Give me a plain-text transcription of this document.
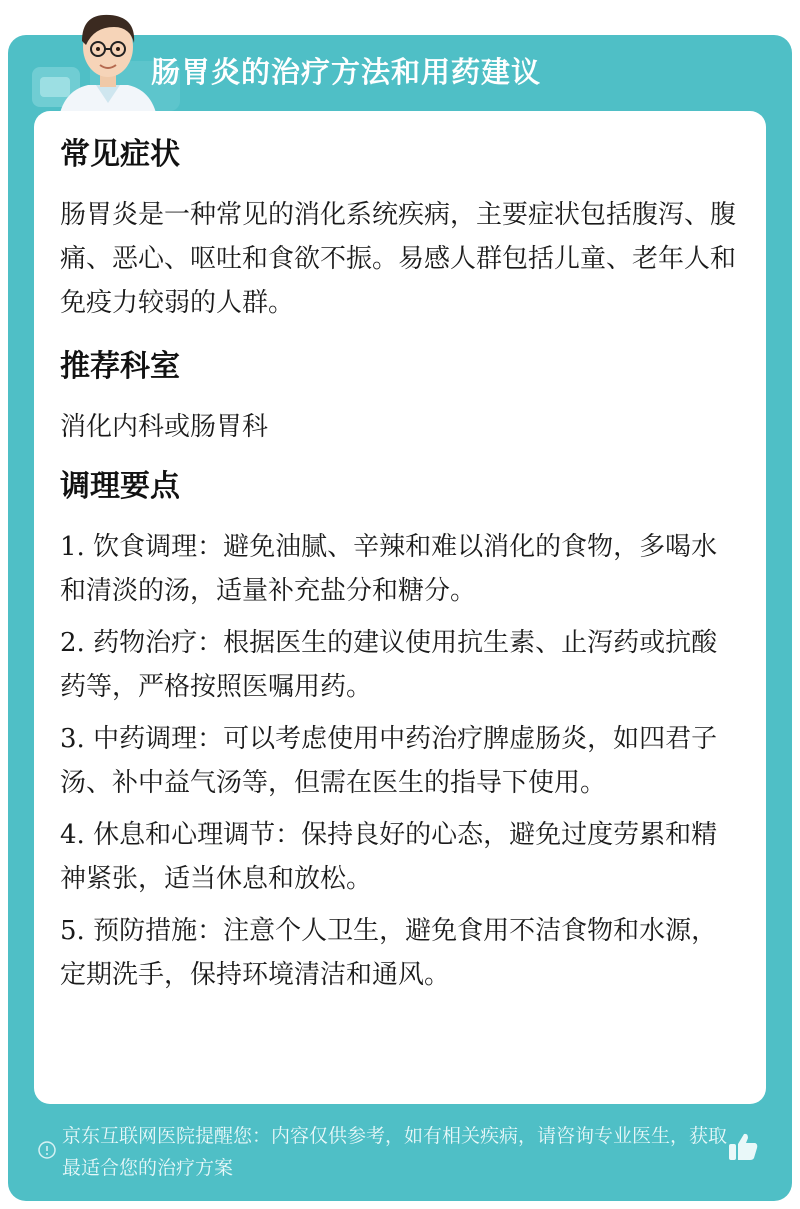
肠胃炎的治疗方法和用药建议
常见症状

肠胃炎是一种常见的消化系统疾病，主要症状包括腹泻、腹痛、恶心、呕吐和食欲不振。易感人群包括儿童、老年人和免疫力较弱的人群。

推荐科室

消化内科或肠胃科

调理要点

1. 饮食调理：避免油腻、辛辣和难以消化的食物，多喝水和清淡的汤，适量补充盐分和糖分。

2. 药物治疗：根据医生的建议使用抗生素、止泻药或抗酸药等，严格按照医嘱用药。

3. 中药调理：可以考虑使用中药治疗脾虚肠炎，如四君子汤、补中益气汤等，但需在医生的指导下使用。

4. 休息和心理调节：保持良好的心态，避免过度劳累和精神紧张，适当休息和放松。

5. 预防措施：注意个人卫生，避免食用不洁食物和水源，定期洗手，保持环境清洁和通风。

京东互联网医院提醒您：内容仅供参考，如有相关疾病，请咨询专业医生，获取最适合您的治疗方案
